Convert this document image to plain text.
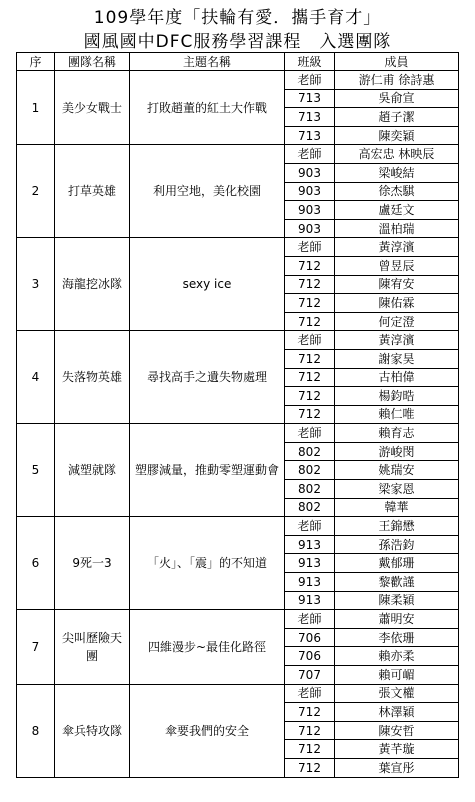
109學年度「扶輪有愛．攜手育才」
國風國中DFC服務學習課程　入選團隊
序	團隊名稱	主題名稱	班級	成員
1	美少女戰士	打敗趙董的紅土大作戰	老師	游仁甫 徐詩惠
			713	吳俞宣
			713	趙子潔
			713	陳奕穎
2	打草英雄	利用空地，美化校園	老師	高宏忠 林映辰
			903	梁峻結
			903	徐杰騏
			903	盧廷文
			903	溫柏瑞
3	海龍挖冰隊	sexy ice	老師	黃淳濱
			712	曾昱辰
			712	陳宥安
			712	陳佑霖
			712	何定澄
4	失落物英雄	尋找高手之遺失物處理	老師	黃淳濱
			712	謝家昊
			712	古柏偉
			712	楊鈞晧
			712	賴仁唯
5	減塑就隊	塑膠減量，推動零塑運動會	老師	賴育志
			802	游峻閔
			802	姚瑞安
			802	梁家恩
			802	韓華
6	9死一3	「火」、「震」的不知道	老師	王錦懋
			913	孫浩鈞
			913	戴郁珊
			913	黎歡謹
			913	陳柔穎
7	尖叫歷險天團	四維漫步~最佳化路徑	老師	蕭明安
			706	李依珊
			706	賴亦柔
			707	賴可嵋
8	傘兵特攻隊	傘要我們的安全	老師	張文權
			712	林澤穎
			712	陳安哲
			712	黃芊璇
			712	葉宣彤
